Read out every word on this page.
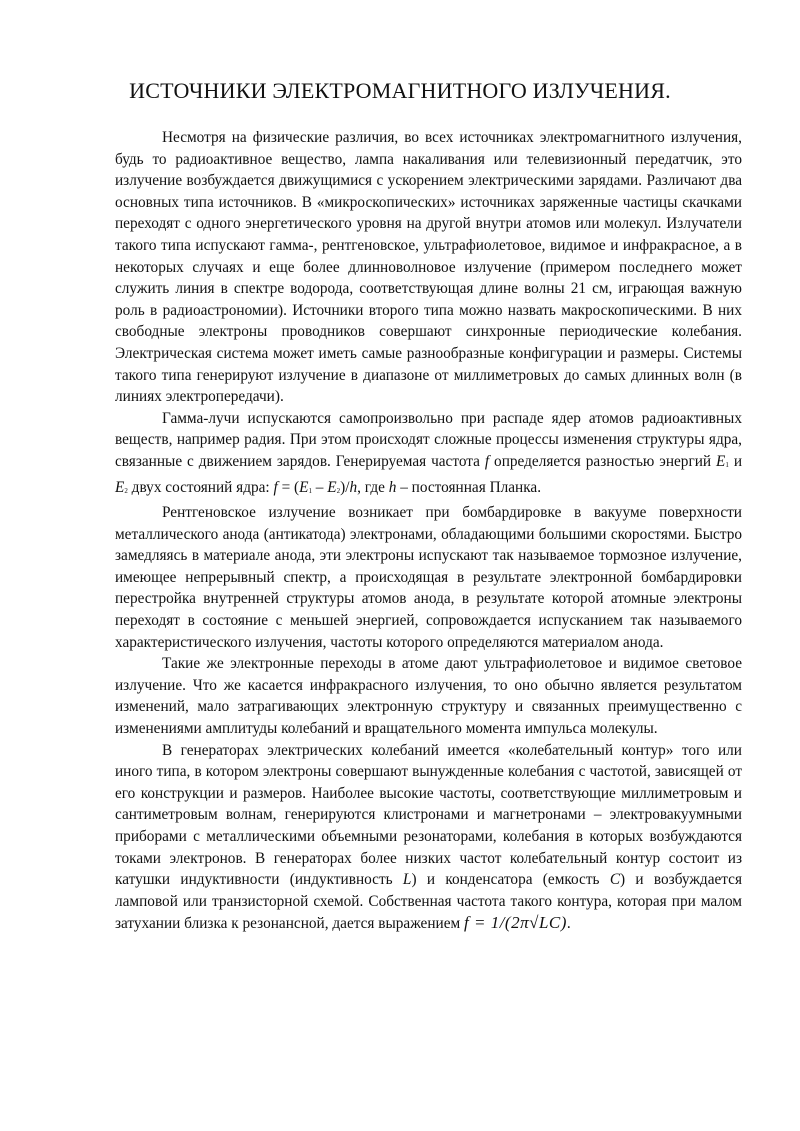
ИСТОЧНИКИ ЭЛЕКТРОМАГНИТНОГО ИЗЛУЧЕНИЯ.

Несмотря на физические различия, во всех источниках электромагнитного излучения, будь то радиоактивное вещество, лампа накаливания или телевизионный передатчик, это излучение возбуждается движущимися с ускорением электрическими зарядами. Различают два основных типа источников. В «микроскопических» источниках заряженные частицы скачками переходят с одного энергетического уровня на другой внутри атомов или молекул. Излучатели такого типа испускают гамма-, рентгеновское, ультрафиолетовое, видимое и инфракрасное, а в некоторых случаях и еще более длинноволновое излучение (примером последнего может служить линия в спектре водорода, соответствующая длине волны 21 см, играющая важную роль в радиоастрономии). Источники второго типа можно назвать макроскопическими. В них свободные электроны проводников совершают синхронные периодические колебания. Электрическая система может иметь самые разнообразные конфигурации и размеры. Системы такого типа генерируют излучение в диапазоне от миллиметровых до самых длинных волн (в линиях электропередачи).

Гамма-лучи испускаются самопроизвольно при распаде ядер атомов радиоактивных веществ, например радия. При этом происходят сложные процессы изменения структуры ядра, связанные с движением зарядов. Генерируемая частота f определяется разностью энергий E1 и E2 двух состояний ядра: f = (E1 – E2)/h, где h – постоянная Планка.

Рентгеновское излучение возникает при бомбардировке в вакууме поверхности металлического анода (антикатода) электронами, обладающими большими скоростями. Быстро замедляясь в материале анода, эти электроны испускают так называемое тормозное излучение, имеющее непрерывный спектр, а происходящая в результате электронной бомбардировки перестройка внутренней структуры атомов анода, в результате которой атомные электроны переходят в состояние с меньшей энергией, сопровождается испусканием так называемого характеристического излучения, частоты которого определяются материалом анода.

Такие же электронные переходы в атоме дают ультрафиолетовое и видимое световое излучение. Что же касается инфракрасного излучения, то оно обычно является результатом изменений, мало затрагивающих электронную структуру и связанных преимущественно с изменениями амплитуды колебаний и вращательного момента импульса молекулы.

В генераторах электрических колебаний имеется «колебательный контур» того или иного типа, в котором электроны совершают вынужденные колебания с частотой, зависящей от его конструкции и размеров. Наиболее высокие частоты, соответствующие миллиметровым и сантиметровым волнам, генерируются клистронами и магнетронами – электровакуумными приборами с металлическими объемными резонаторами, колебания в которых возбуждаются токами электронов. В генераторах более низких частот колебательный контур состоит из катушки индуктивности (индуктивность L) и конденсатора (емкость C) и возбуждается ламповой или транзисторной схемой. Собственная частота такого контура, которая при малом затухании близка к резонансной, дается выражением f = 1/(2π√LC).
